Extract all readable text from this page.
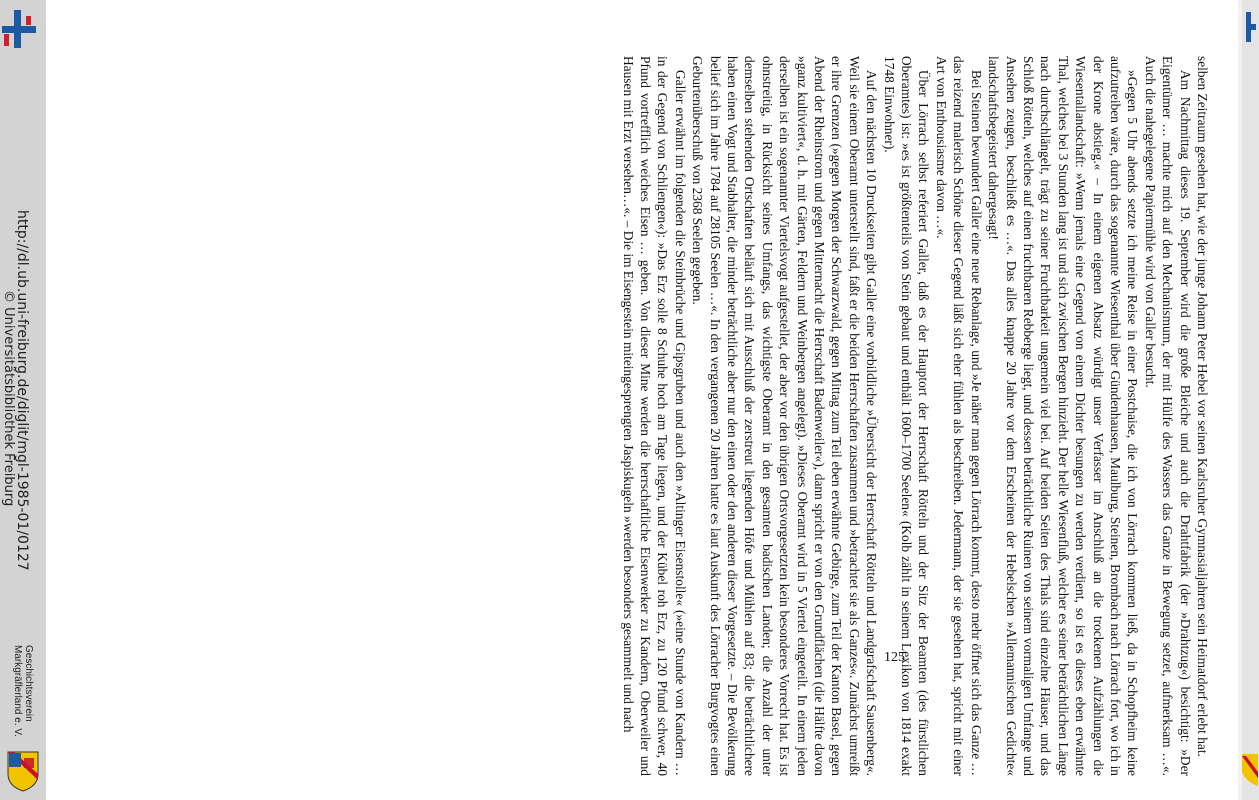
http://dl.ub.uni-freiburg.de/diglit/mgl-1985-01/0127
© Universitätsbibliothek Freiburg
Geschichtsverein
Markgräflerland e. V.	selben Zeitraum gesehen hat, wie der junge Johann Peter Hebel vor seinen Karlsruher Gymnasialjahren sein Heimatdorf erlebt hat.

Am Nachmittag dieses 19. September wird die große Bleiche und auch die Drahtfabrik (der »Drahtzug«) besichtigt: »Der Eigentümer … machte mich auf den Mechanismum, der mit Hülfe des Wassers das Ganze in Bewegung setzet, aufmerksam …«. Auch die nahegelegene Papiermühle wird von Galler besucht.

»Gegen 5 Uhr abends setzte ich meine Reise in einer Postchaise, die ich von Lörrach kommen ließ, da in Schopfheim keine aufzutreiben wäre, durch das sogenannte Wiesenthal über Gündenhausen, Maulburg, Steinen, Brombach nach Lörrach fort, wo ich in der Krone abstieg.« – In einem eigenen Absatz würdigt unser Verfasser im Anschluß an die trockenen Aufzählungen die Wiesentallandschaft: »Wenn jemals eine Gegend von einem Dichter besungen zu werden verdient, so ist es dieses eben erwähnte Thal, welches bei 3 Stunden lang ist und sich zwischen Bergen hinzieht. Der helle Wiesenfluß, welcher es seiner beträchtlichen Länge nach durchschlängelt, trägt zu seiner Fruchtbarkeit ungemein viel bei. Auf beiden Seiten des Thals sind einzelne Häuser, und das Schloß Rötteln, welches auf einen fruchtbaren Rebberge liegt, und dessen beträchtliche Ruinen von seinem vormaligen Umfange und Ansehen zeugen, beschließt es …«. Das alles knappe 20 Jahre vor dem Erscheinen der Hebelschen »Allemannischen Gedichte« landschaftsbegeistert dahergesagt!

Bei Steinen bewundert Galler eine neue Rebanlage, und »Je näher man gegen Lörrach kommt, desto mehr öffnet sich das Ganze … das reizend malerisch Schöne dieser Gegend läßt sich eher fühlen als beschreiben. Jedermann, der sie gesehen hat, spricht mit einer Art von Enthousiasme davon …«.

Über Lörrach selbst referiert Galler, daß es der Hauptort der Herrschaft Rötteln und der Sitz der Beamten (des fürstlichen Oberamtes) ist: »es ist größtenteils von Stein gebaut und enthält 1600–1700 Seelen« (Kolb zählt in seinem Lexikon von 1814 exakt 1748 Einwohner).

Auf den nächsten 10 Druckseiten gibt Galler eine vorbildliche »Übersicht der Herrschaft Rötteln und Landgrafschaft Sausenberg«. Weil sie einem Oberamt unterstellt sind, faßt er die beiden Herrschaften zusammen und »betrachtet sie als Ganzes«. Zunächst umreißt er ihre Grenzen (»gegen Morgen der Schwarzwald, gegen Mittag zum Teil eben erwähnte Gebirge, zum Teil der Kanton Basel, gegen Abend der Rheinstrom und gegen Mitternacht die Herrschaft Badenweiler«), dann spricht er von den Grundflächen (die Hälfte davon »ganz kultiviert«, d. h. mit Gärten, Feldern und Weinbergen angelegt). »Dieses Oberamt wird in 5 Viertel eingeteilt. In einem jeden derselben ist ein sogenannter Viertelsvogt aufgestellet, der aber vor den übrigen Ortsvorgesetzten kein besonderes Vorrecht hat. Es ist ohnstreitig, in Rücksicht seines Umfangs, das wichtigste Oberamt in den gesamten badischen Landen; die Anzahl der unter demselben stehenden Ortschaften beläuft sich mit Ausschluß der zerstreut liegenden Höfe und Mühlen auf 83; die beträchtlichere haben einen Vogt und Stabhalter, die minder beträchtliche aber nur den einen oder den anderen dieser Vorgesetzte. – Die Bevölkerung belief sich im Jahre 1784 auf 28105 Seelen …«. In den vergangenen 20 Jahren hatte es laut Auskunft des Lörracher Burgvogtes einen Geburtenüberschuß von 2368 Seelen gegeben.

Galler erwähnt im folgenden die Steinbrüche und Gipsgruben und auch den »Altinger Eisenstolle« (»eine Stunde von Kandern … in der Gegend von Schliengen«): »Das Erz solle 8 Schuhe hoch am Tage liegen, und der Kübel roh Erz, zu 120 Pfund schwer, 40 Pfund vortrefflich weiches Eisen … geben. Von dieser Mine werden die herrschaftliche Eisenwerker zu Kandern, Oberweiler und Hausen mit Erzt versehen…«. – Die im Eisengestein miteingesprengten Jaspiskugeln »werden besonders gesammelt und nach	125
